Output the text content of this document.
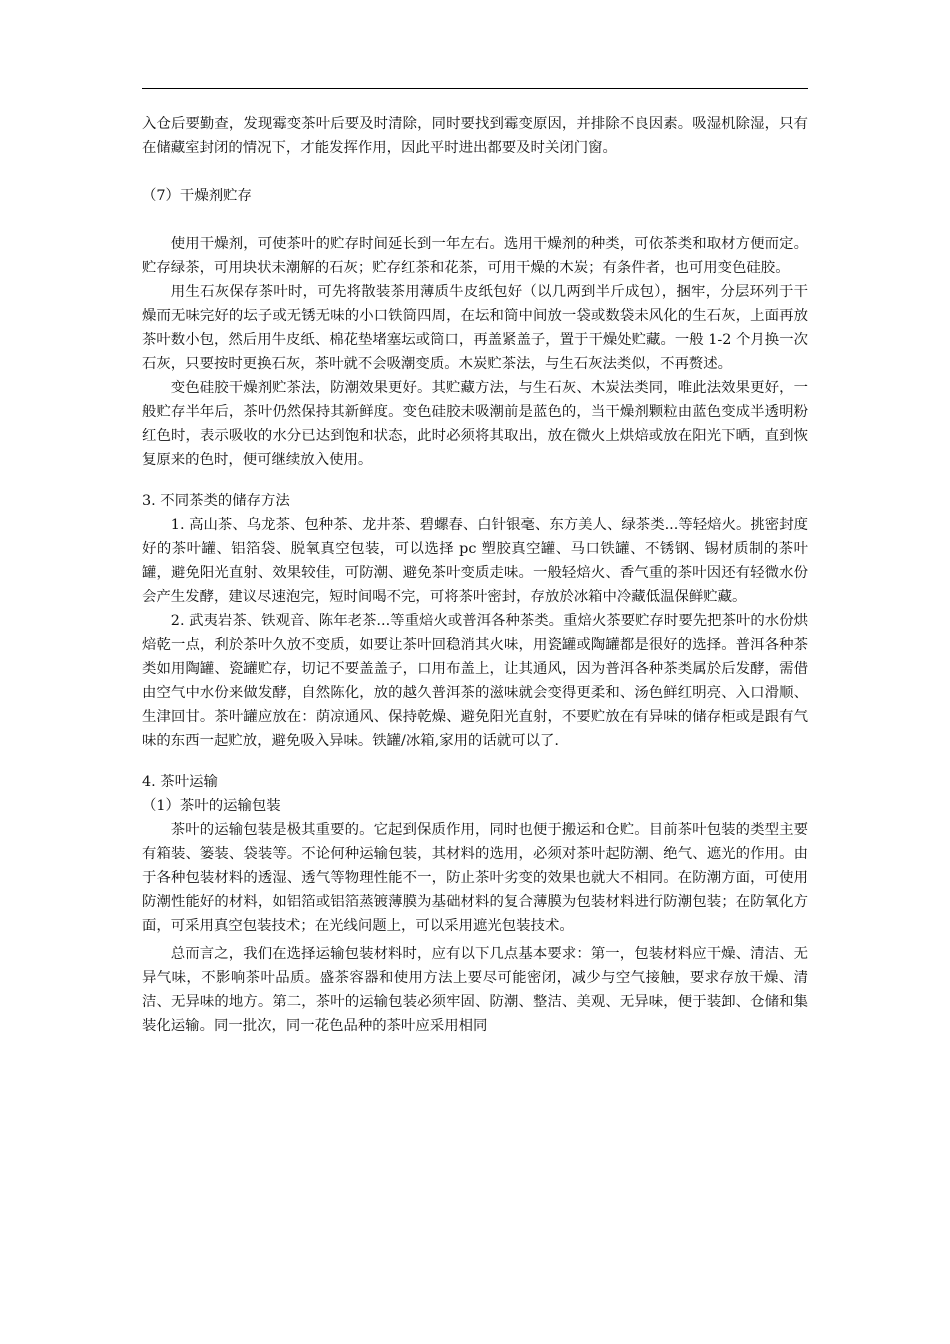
入仓后要勤查，发现霉变茶叶后要及时清除，同时要找到霉变原因，并排除不良因素。吸湿机除湿，只有在储藏室封闭的情况下，才能发挥作用，因此平时进出都要及时关闭门窗。

（7）干燥剂贮存

使用干燥剂，可使茶叶的贮存时间延长到一年左右。选用干燥剂的种类，可依茶类和取材方便而定。贮存绿茶，可用块状未潮解的石灰；贮存红茶和花茶，可用干燥的木炭；有条件者，也可用变色硅胶。

用生石灰保存茶叶时，可先将散装茶用薄质牛皮纸包好（以几两到半斤成包），捆牢，分层环列于干燥而无味完好的坛子或无锈无味的小口铁筒四周，在坛和筒中间放一袋或数袋未风化的生石灰，上面再放茶叶数小包，然后用牛皮纸、棉花垫堵塞坛或筒口，再盖紧盖子，置于干燥处贮藏。一般 1-2 个月换一次石灰，只要按时更换石灰，茶叶就不会吸潮变质。木炭贮茶法，与生石灰法类似，不再赘述。

变色硅胶干燥剂贮茶法，防潮效果更好。其贮藏方法，与生石灰、木炭法类同，唯此法效果更好，一般贮存半年后，茶叶仍然保持其新鲜度。变色硅胶未吸潮前是蓝色的，当干燥剂颗粒由蓝色变成半透明粉红色时，表示吸收的水分已达到饱和状态，此时必须将其取出，放在微火上烘焙或放在阳光下晒，直到恢复原来的色时，便可继续放入使用。

3. 不同茶类的储存方法

1. 高山茶、乌龙茶、包种茶、龙井茶、碧螺春、白针银毫、东方美人、绿茶类...等轻焙火。挑密封度好的茶叶罐、铝箔袋、脱氧真空包装，可以选择 pc 塑胶真空罐、马口铁罐、不锈钢、锡材质制的茶叶罐，避免阳光直射、效果较佳，可防潮、避免茶叶变质走味。一般轻焙火、香气重的茶叶因还有轻微水份会产生发酵，建议尽速泡完，短时间喝不完，可将茶叶密封，存放於冰箱中冷藏低温保鲜贮藏。

2. 武夷岩茶、铁观音、陈年老茶...等重焙火或普洱各种茶类。重焙火茶要贮存时要先把茶叶的水份烘焙乾一点，利於茶叶久放不变质，如要让茶叶回稳消其火味，用瓷罐或陶罐都是很好的选择。普洱各种茶类如用陶罐、瓷罐贮存，切记不要盖盖子，口用布盖上，让其通风，因为普洱各种茶类属於后发酵，需借由空气中水份来做发酵，自然陈化，放的越久普洱茶的滋味就会变得更柔和、汤色鲜红明亮、入口滑顺、生津回甘。茶叶罐应放在：荫凉通风、保持乾燥、避免阳光直射，不要贮放在有异味的储存柜或是跟有气味的东西一起贮放，避免吸入异味。铁罐/冰箱,家用的话就可以了.

4. 茶叶运输

（1）茶叶的运输包装

茶叶的运输包装是极其重要的。它起到保质作用，同时也便于搬运和仓贮。目前茶叶包装的类型主要有箱装、篓装、袋装等。不论何种运输包装，其材料的选用，必须对茶叶起防潮、绝气、遮光的作用。由于各种包装材料的透湿、透气等物理性能不一，防止茶叶劣变的效果也就大不相同。在防潮方面，可使用防潮性能好的材料，如铝箔或铝箔蒸镀薄膜为基础材料的复合薄膜为包装材料进行防潮包装；在防氧化方面，可采用真空包装技术；在光线问题上，可以采用遮光包装技术。

总而言之，我们在选择运输包装材料时，应有以下几点基本要求：第一，包装材料应干燥、清洁、无异气味，不影响茶叶品质。盛茶容器和使用方法上要尽可能密闭，减少与空气接触，要求存放干燥、清洁、无异味的地方。第二，茶叶的运输包装必须牢固、防潮、整洁、美观、无异味，便于装卸、仓储和集装化运输。同一批次，同一花色品种的茶叶应采用相同
